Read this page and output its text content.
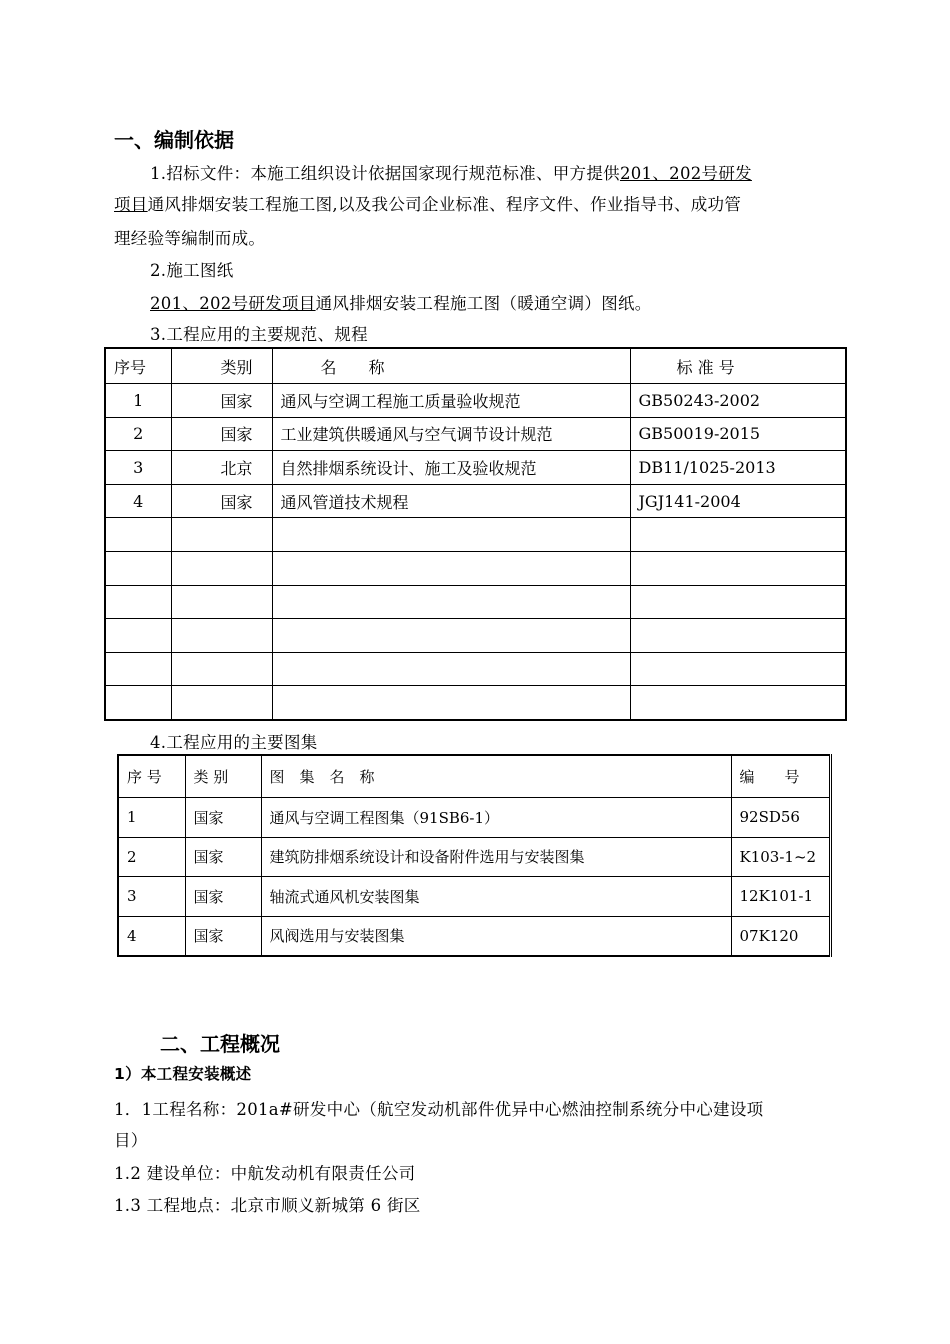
一、编制依据
1.招标文件：本施工组织设计依据国家现行规范标准、甲方提供201、202号研发
项目通风排烟安装工程施工图,以及我公司企业标准、程序文件、作业指导书、成功管
理经验等编制而成。
2.施工图纸
201、202号研发项目通风排烟安装工程施工图（暖通空调）图纸。
3.工程应用的主要规范、规程
序号	类别	名　　称	标 准 号
1	国家	通风与空调工程施工质量验收规范	GB50243-2002
2	国家	工业建筑供暖通风与空气调节设计规范	GB50019-2015
3	北京	自然排烟系统设计、施工及验收规范	DB11/1025-2013
4	国家	通风管道技术规程	JGJ141-2004

4.工程应用的主要图集
序 号	类 别	图　集　名　称	编　　号
1	国家	通风与空调工程图集（91SB6-1）	92SD56
2	国家	建筑防排烟系统设计和设备附件选用与安装图集	K103-1~2
3	国家	轴流式通风机安装图集	12K101-1
4	国家	风阀选用与安装图集	07K120
二、工程概况
1）本工程安装概述
1．1工程名称：201a#研发中心（航空发动机部件优异中心燃油控制系统分中心建设项
目）
1.2 建设单位：中航发动机有限责任公司
1.3 工程地点：北京市顺义新城第 6 街区
